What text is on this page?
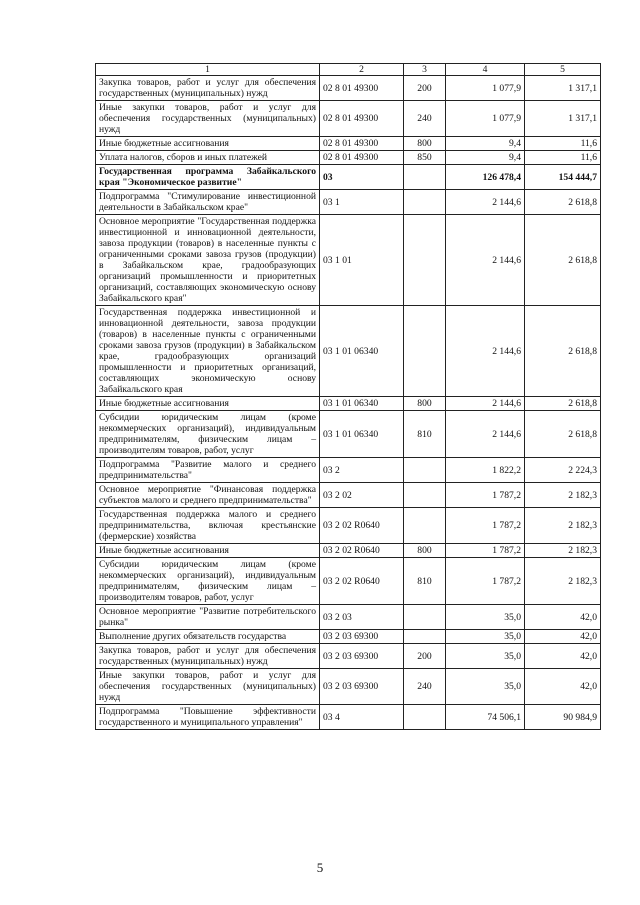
1	2	3	4	5
Закупка товаров, работ и услуг для обеспечения государственных (муниципальных) нужд	02 8 01 49300	200	1 077,9	1 317,1
Иные закупки товаров, работ и услуг для обеспечения государственных (муниципальных) нужд	02 8 01 49300	240	1 077,9	1 317,1
Иные бюджетные ассигнования	02 8 01 49300	800	9,4	11,6
Уплата налогов, сборов и иных платежей	02 8 01 49300	850	9,4	11,6
Государственная программа Забайкальского края "Экономическое развитие"	03		126 478,4	154 444,7
Подпрограмма "Стимулирование инвестиционной деятельности в Забайкальском крае"	03 1		2 144,6	2 618,8
Основное мероприятие "Государственная поддержка инвестиционной и инновационной деятельности, завоза продукции (товаров) в населенные пункты с ограниченными сроками завоза грузов (продукции) в Забайкальском крае, градообразующих организаций промышленности и приоритетных организаций, составляющих экономическую основу Забайкальского края"	03 1 01		2 144,6	2 618,8
Государственная поддержка инвестиционной и инновационной деятельности, завоза продукции (товаров) в населенные пункты с ограниченными сроками завоза грузов (продукции) в Забайкальском крае, градообразующих организаций промышленности и приоритетных организаций, составляющих экономическую основу Забайкальского края	03 1 01 06340		2 144,6	2 618,8
Иные бюджетные ассигнования	03 1 01 06340	800	2 144,6	2 618,8
Субсидии юридическим лицам (кроме некоммерческих организаций), индивидуальным предпринимателям, физическим лицам – производителям товаров, работ, услуг	03 1 01 06340	810	2 144,6	2 618,8
Подпрограмма "Развитие малого и среднего предпринимательства"	03 2		1 822,2	2 224,3
Основное мероприятие "Финансовая поддержка субъектов малого и среднего предпринимательства"	03 2 02		1 787,2	2 182,3
Государственная поддержка малого и среднего предпринимательства, включая крестьянские (фермерские) хозяйства	03 2 02 R0640		1 787,2	2 182,3
Иные бюджетные ассигнования	03 2 02 R0640	800	1 787,2	2 182,3
Субсидии юридическим лицам (кроме некоммерческих организаций), индивидуальным предпринимателям, физическим лицам – производителям товаров, работ, услуг	03 2 02 R0640	810	1 787,2	2 182,3
Основное мероприятие "Развитие потребительского рынка"	03 2 03		35,0	42,0
Выполнение других обязательств государства	03 2 03 69300		35,0	42,0
Закупка товаров, работ и услуг для обеспечения государственных (муниципальных) нужд	03 2 03 69300	200	35,0	42,0
Иные закупки товаров, работ и услуг для обеспечения государственных (муниципальных) нужд	03 2 03 69300	240	35,0	42,0
Подпрограмма "Повышение эффективности государственного и муниципального управления"	03 4		74 506,1	90 984,9
5
